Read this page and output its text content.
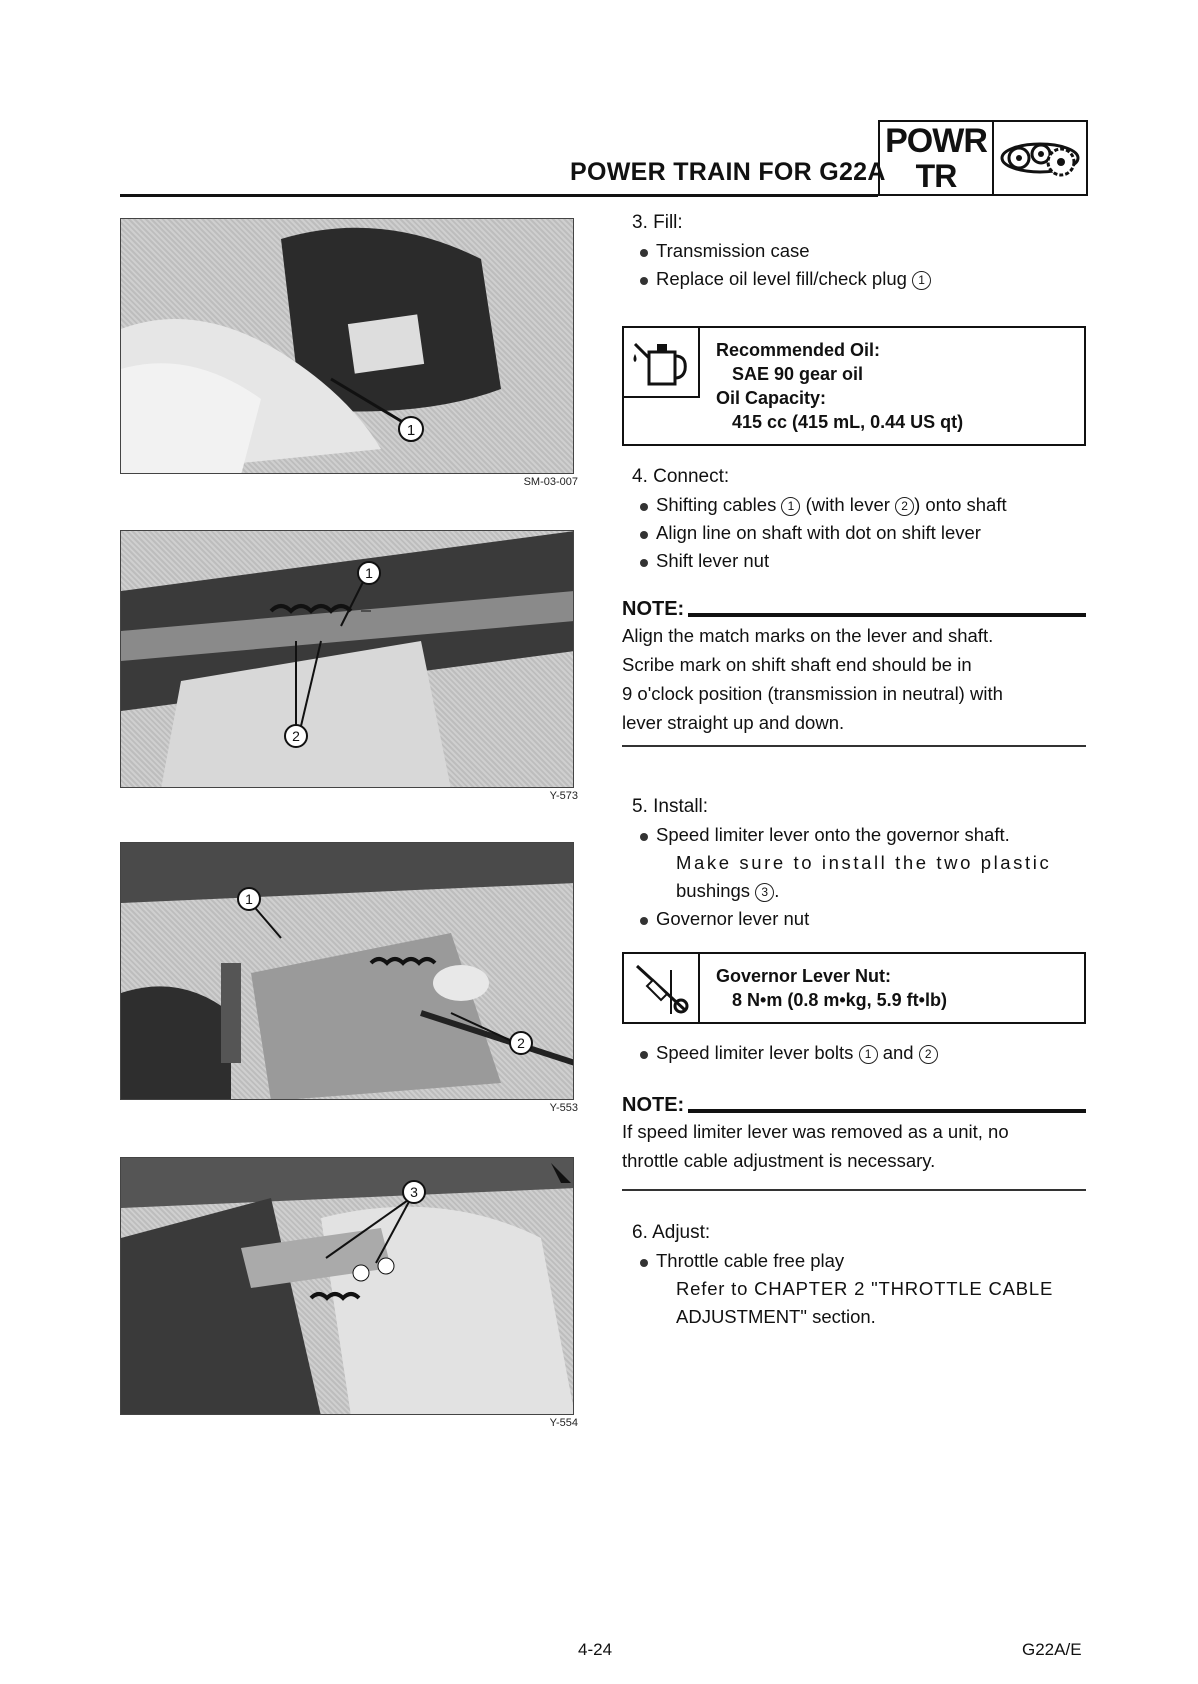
POWER TRAIN FOR G22A
POWR
TR
1
SM-03-007
1
2
Y-573
1
2
Y-553
3
Y-554
3. Fill:
Transmission case
Replace oil level fill/check plug 1
Recommended Oil:
SAE 90 gear oil
Oil Capacity:
415 cc (415 mL, 0.44 US qt)
4. Connect:
Shifting cables 1 (with lever 2 ) onto shaft
Align line on shaft with dot on shift lever
Shift lever nut
NOTE:
Align the match marks on the lever and shaft.
Scribe mark on shift shaft end should be in
9 o'clock position (transmission in neutral) with
lever straight up and down.
5. Install:
Speed limiter lever onto the governor shaft.
Make sure to install the two plastic
bushings 3 .
Governor lever nut
Governor Lever Nut:
8 N•m (0.8 m•kg, 5.9 ft•lb)
Speed limiter lever bolts 1 and 2
NOTE:
If speed limiter lever was removed as a unit, no
throttle cable adjustment is necessary.
6. Adjust:
Throttle cable free play
Refer to CHAPTER 2 "THROTTLE CABLE
ADJUSTMENT" section.
4-24	G22A/E
